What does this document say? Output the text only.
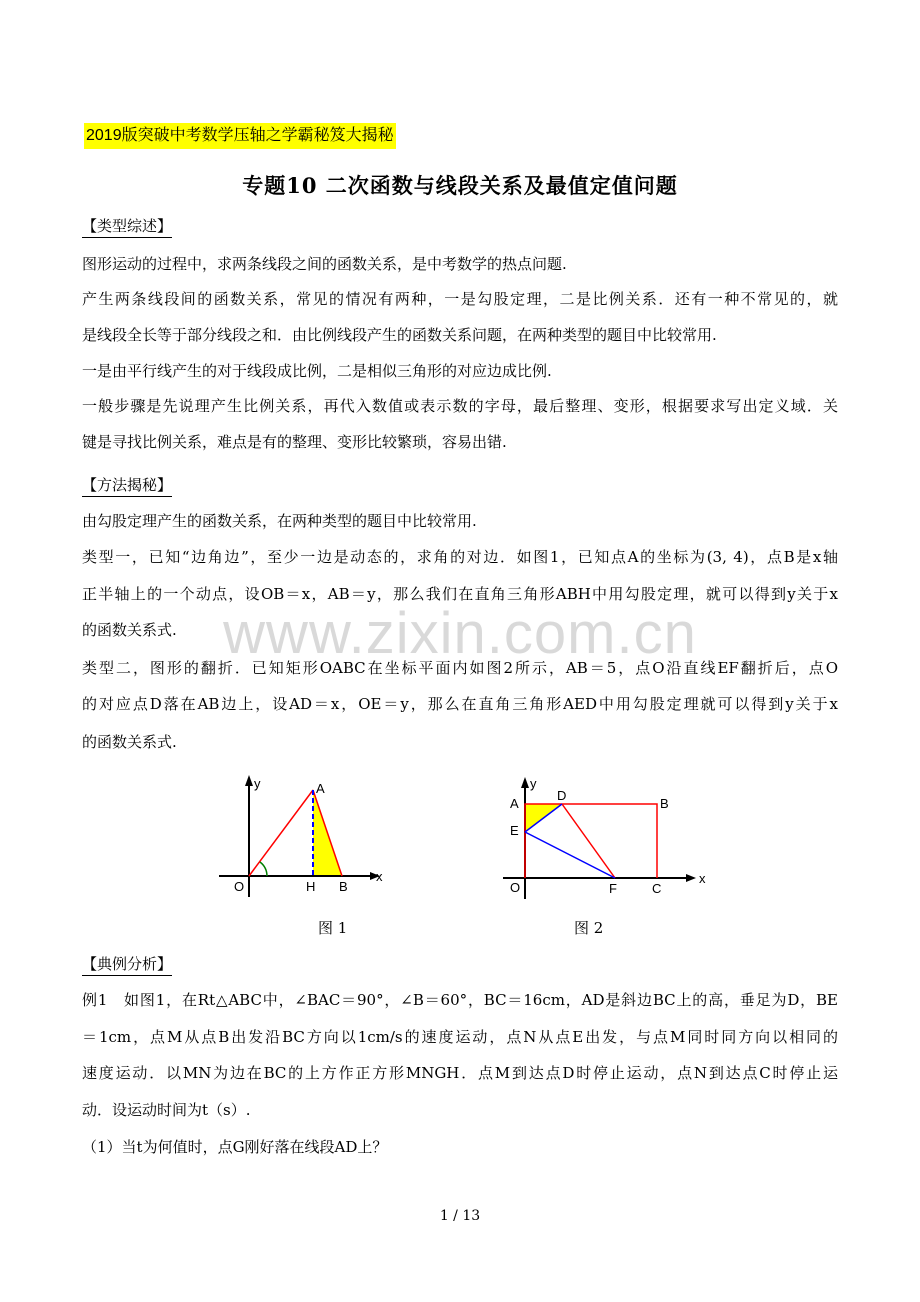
2019版突破中考数学压轴之学霸秘笈大揭秘
专题10 二次函数与线段关系及最值定值问题
【类型综述】
图形运动的过程中，求两条线段之间的函数关系，是中考数学的热点问题.
产生两条线段间的函数关系，常见的情况有两种，一是勾股定理，二是比例关系．还有一种不常见的，就
是线段全长等于部分线段之和．由比例线段产生的函数关系问题，在两种类型的题目中比较常用.
一是由平行线产生的对于线段成比例，二是相似三角形的对应边成比例.
一般步骤是先说理产生比例关系，再代入数值或表示数的字母，最后整理、变形，根据要求写出定义域．关
键是寻找比例关系，难点是有的整理、变形比较繁琐，容易出错.
【方法揭秘】
由勾股定理产生的函数关系，在两种类型的题目中比较常用.
类型一，已知“边角边”，至少一边是动态的，求角的对边．如图1，已知点A的坐标为(3, 4)，点B是x轴
正半轴上的一个动点，设OB＝x，AB＝y，那么我们在直角三角形ABH中用勾股定理，就可以得到y关于x
的函数关系式.
类型二，图形的翻折．已知矩形OABC在坐标平面内如图2所示，AB＝5，点O沿直线EF翻折后，点O
的对应点D落在AB边上，设AD＝x，OE＝y，那么在直角三角形AED中用勾股定理就可以得到y关于x
的函数关系式.
www.zixin.com.cn
y	A
x
O	H B
y
A
D
B
E
x
O	F	C
图 1	图 2
【典例分析】
例1　如图1，在Rt△ABC中，∠BAC＝90°，∠B＝60°，BC＝16cm，AD是斜边BC上的高，垂足为D，BE
＝1cm，点M从点B出发沿BC方向以1cm/s的速度运动，点N从点E出发，与点M同时同方向以相同的
速度运动．以MN为边在BC的上方作正方形MNGH．点M到达点D时停止运动，点N到达点C时停止运
动．设运动时间为t（s）.
（1）当t为何值时，点G刚好落在线段AD上？
1 / 13
